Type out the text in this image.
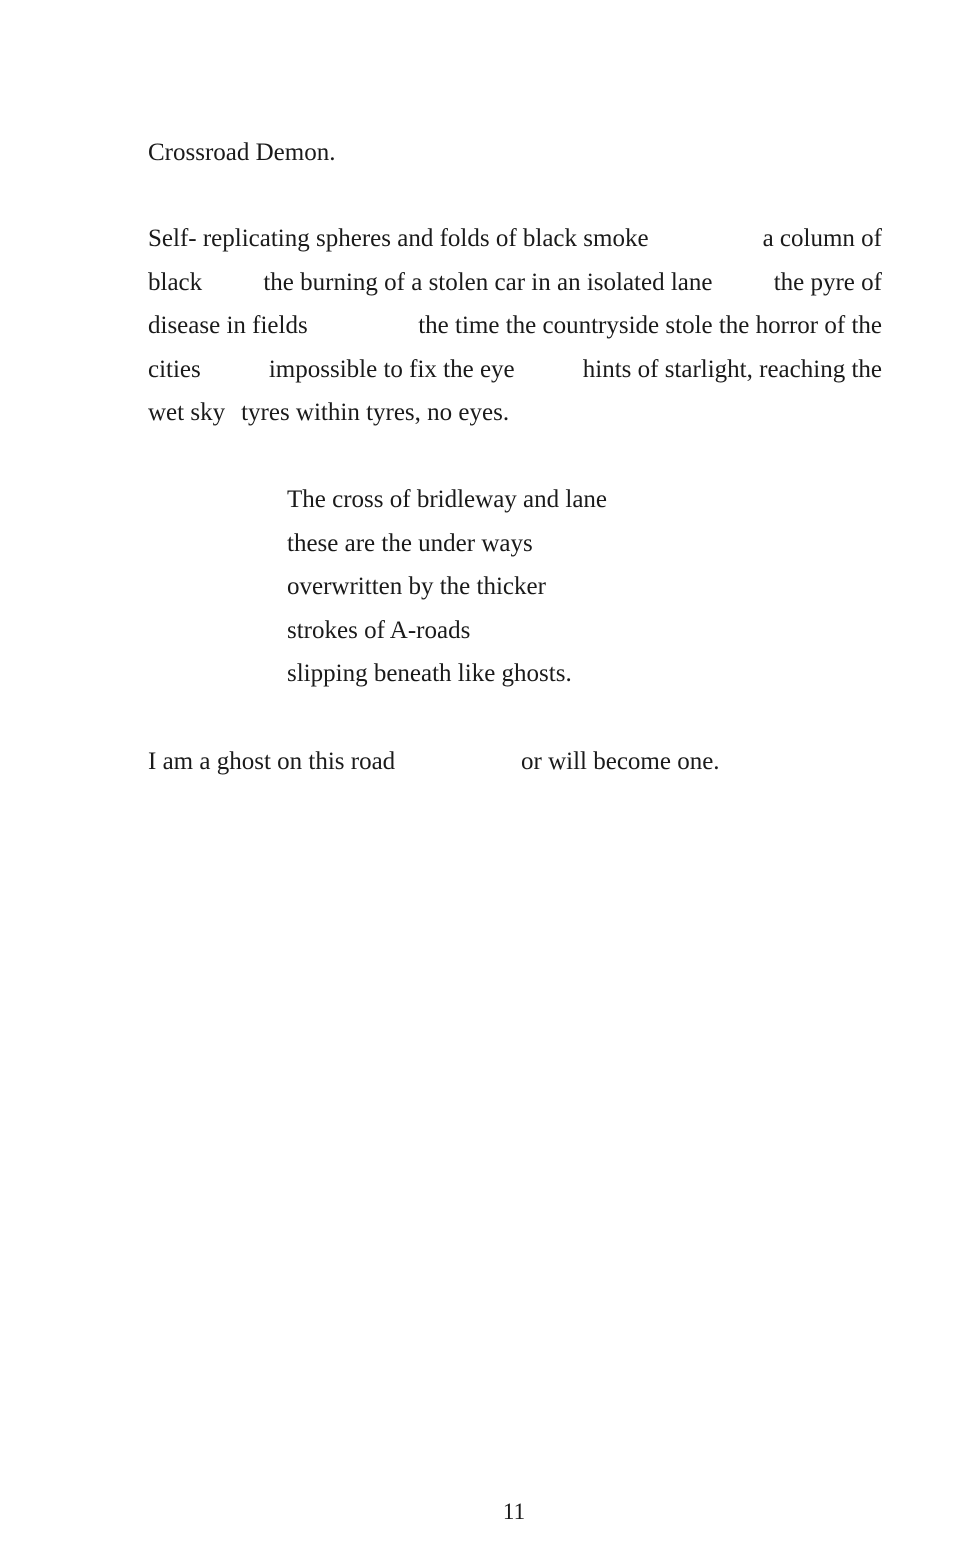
Crossroad Demon.
Self- replicating spheres and folds of black smoke	a column of
black the burning of a stolen car in an isolated lane the pyre of
disease in fields	the time the countryside stole the horror of the
cities	impossible to fix the eye	hints of starlight, reaching the
wet sky tyres within tyres, no eyes.
The cross of bridleway and lane
these are the under ways
overwritten by the thicker
strokes of A-roads
slipping beneath like ghosts.
I am a ghost on this road	or will become one.
11
